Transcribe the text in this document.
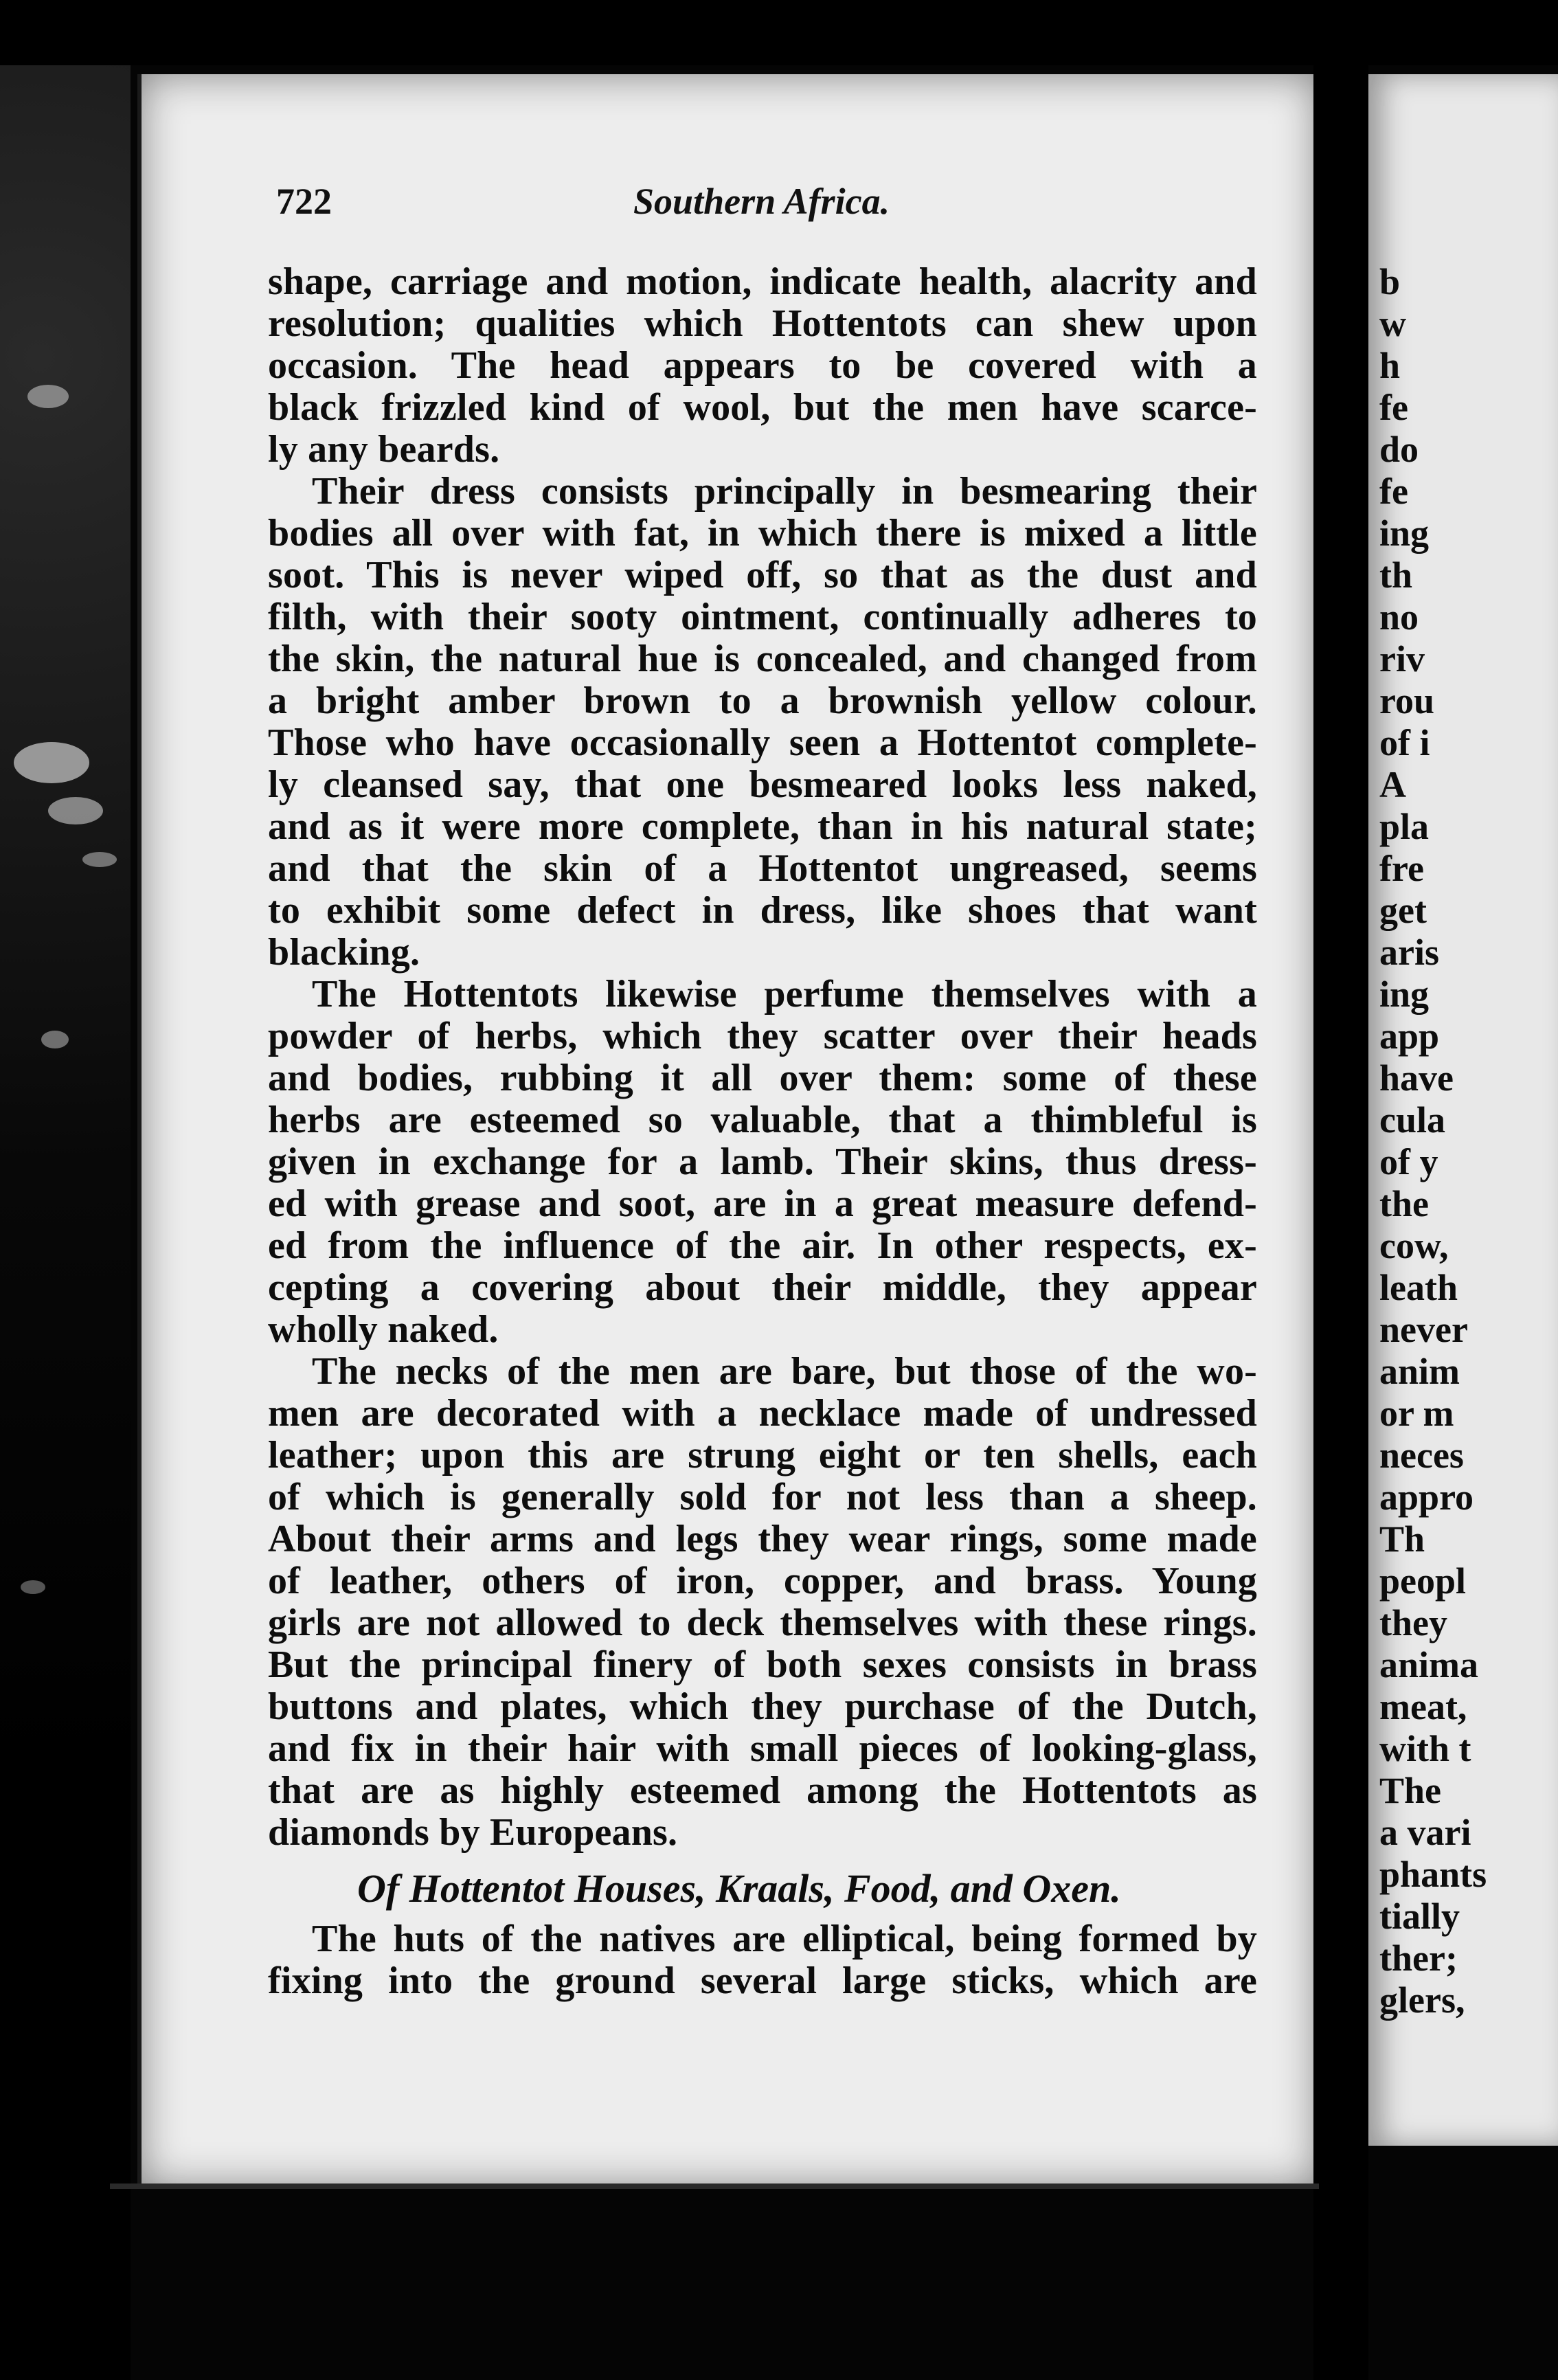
722	Southern Africa.
shape, carriage and motion, indicate health, alacrity and
resolution; qualities which Hottentots can shew upon
occasion. The head appears to be covered with a
black frizzled kind of wool, but the men have scarce-
ly any beards.
Their dress consists principally in besmearing their
bodies all over with fat, in which there is mixed a little
soot. This is never wiped off, so that as the dust and
filth, with their sooty ointment, continually adheres to
the skin, the natural hue is concealed, and changed from
a bright amber brown to a brownish yellow colour.
Those who have occasionally seen a Hottentot complete-
ly cleansed say, that one besmeared looks less naked,
and as it were more complete, than in his natural state;
and that the skin of a Hottentot ungreased, seems
to exhibit some defect in dress, like shoes that want
blacking.
The Hottentots likewise perfume themselves with a
powder of herbs, which they scatter over their heads
and bodies, rubbing it all over them: some of these
herbs are esteemed so valuable, that a thimbleful is
given in exchange for a lamb. Their skins, thus dress-
ed with grease and soot, are in a great measure defend-
ed from the influence of the air. In other respects, ex-
cepting a covering about their middle, they appear
wholly naked.
The necks of the men are bare, but those of the wo-
men are decorated with a necklace made of undressed
leather; upon this are strung eight or ten shells, each
of which is generally sold for not less than a sheep.
About their arms and legs they wear rings, some made
of leather, others of iron, copper, and brass. Young
girls are not allowed to deck themselves with these rings.
But the principal finery of both sexes consists in brass
buttons and plates, which they purchase of the Dutch,
and fix in their hair with small pieces of looking-glass,
that are as highly esteemed among the Hottentots as
diamonds by Europeans.
Of Hottentot Houses, Kraals, Food, and Oxen.
The huts of the natives are elliptical, being formed by
fixing into the ground several large sticks, which are
b
w
h
fe
do
fe
ing
th
no
riv
rou
of i
A
pla
fre
get
aris
ing
app
have
cula
of y
the
cow,
leath
never
anim
or m
neces
appro
Th
peopl
they
anima
meat,
with t
The
a vari
phants
tially
ther;
glers,
